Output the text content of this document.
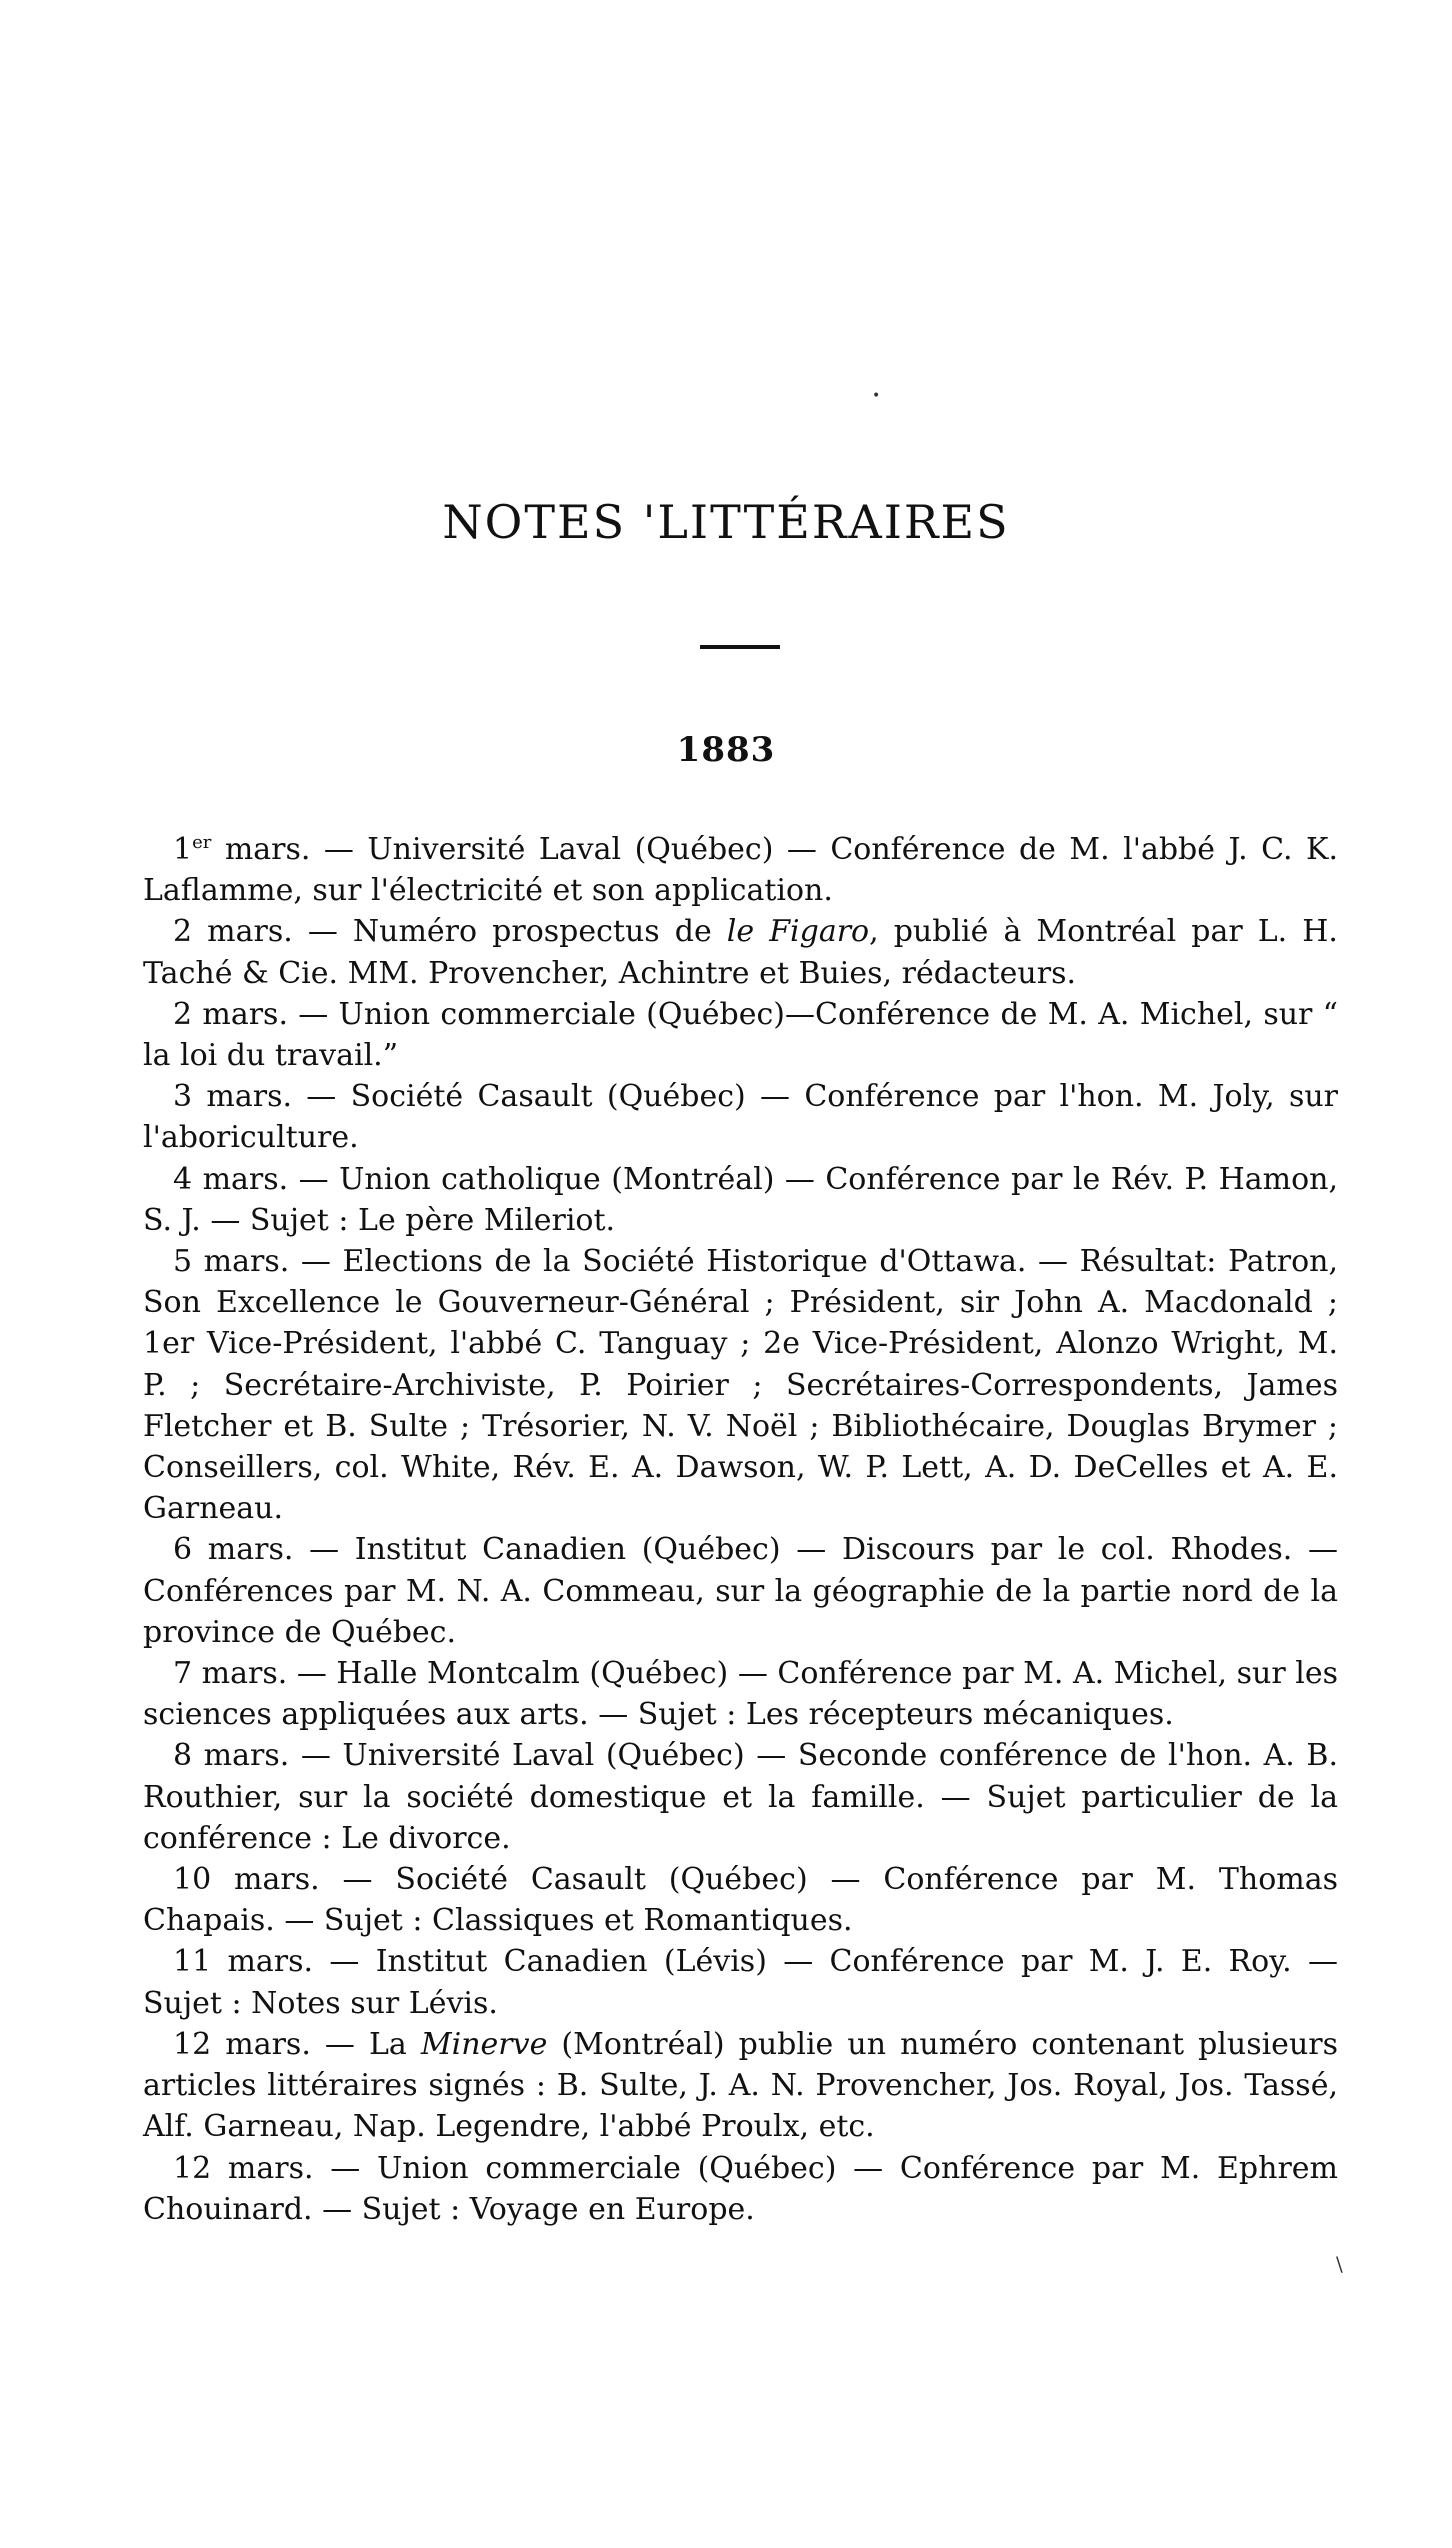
•
\
NOTES 'LITTÉRAIRES
1883
1er mars. — Université Laval (Québec) — Conférence de M. l'abbé J. C. K. Laflamme, sur l'électricité et son application.
2 mars. — Numéro prospectus de le Figaro, publié à Montréal par L. H. Taché & Cie. MM. Provencher, Achintre et Buies, rédacteurs.
2 mars. — Union commerciale (Québec)—Conférence de M. A. Michel, sur “ la loi du travail.”
3 mars. — Société Casault (Québec) — Conférence par l'hon. M. Joly, sur l'aboriculture.
4 mars. — Union catholique (Montréal) — Conférence par le Rév. P. Hamon, S. J. — Sujet : Le père Mileriot.
5 mars. — Elections de la Société Historique d'Ottawa. — Résultat: Patron, Son Excellence le Gouverneur-Général ; Président, sir John A. Macdonald ; 1er Vice-Président, l'abbé C. Tanguay ; 2e Vice-Président, Alonzo Wright, M. P. ; Secrétaire-Archiviste, P. Poirier ; Secrétaires-Correspondents, James Fletcher et B. Sulte ; Trésorier, N. V. Noël ; Bibliothécaire, Douglas Brymer ; Conseillers, col. White, Rév. E. A. Dawson, W. P. Lett, A. D. DeCelles et A. E. Garneau.
6 mars. — Institut Canadien (Québec) — Discours par le col. Rhodes. — Conférences par M. N. A. Commeau, sur la géographie de la partie nord de la province de Québec.
7 mars. — Halle Montcalm (Québec) — Conférence par M. A. Michel, sur les sciences appliquées aux arts. — Sujet : Les récepteurs mécaniques.
8 mars. — Université Laval (Québec) — Seconde conférence de l'hon. A. B. Routhier, sur la société domestique et la famille. — Sujet particulier de la conférence : Le divorce.
10 mars. — Société Casault (Québec) — Conférence par M. Thomas Chapais. — Sujet : Classiques et Romantiques.
11 mars. — Institut Canadien (Lévis) — Conférence par M. J. E. Roy. — Sujet : Notes sur Lévis.
12 mars. — La Minerve (Montréal) publie un numéro contenant plusieurs articles littéraires signés : B. Sulte, J. A. N. Provencher, Jos. Royal, Jos. Tassé, Alf. Garneau, Nap. Legendre, l'abbé Proulx, etc.
12 mars. — Union commerciale (Québec) — Conférence par M. Ephrem Chouinard. — Sujet : Voyage en Europe.
